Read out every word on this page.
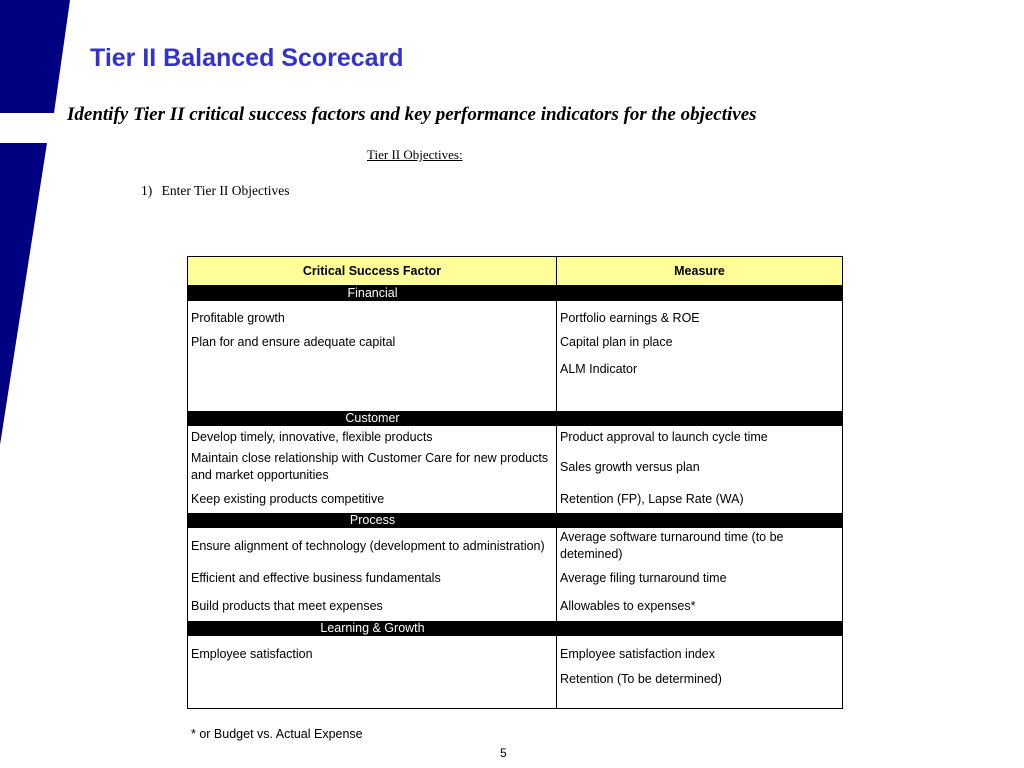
Tier II Balanced Scorecard
Identify Tier II critical success factors and key performance indicators for the objectives
Tier II Objectives:
1) Enter Tier II Objectives
Critical Success Factor	Measure
Financial	
Profitable growth	Portfolio earnings & ROE
Plan for and ensure adequate capital	Capital plan in place
	ALM Indicator

Customer	
Develop timely, innovative, flexible products	Product approval to launch cycle time
Maintain close relationship with Customer Care for new products and market opportunities	Sales growth versus plan
Keep existing products competitive	Retention (FP), Lapse Rate (WA)
Process	
Ensure alignment of technology (development to administration)	Average software turnaround time (to be detemined)
Efficient and effective business fundamentals	Average filing turnaround time
Build products that meet expenses	Allowables to expenses*
Learning & Growth	
Employee satisfaction	Employee satisfaction index
	Retention (To be determined)

* or Budget vs. Actual Expense
5
